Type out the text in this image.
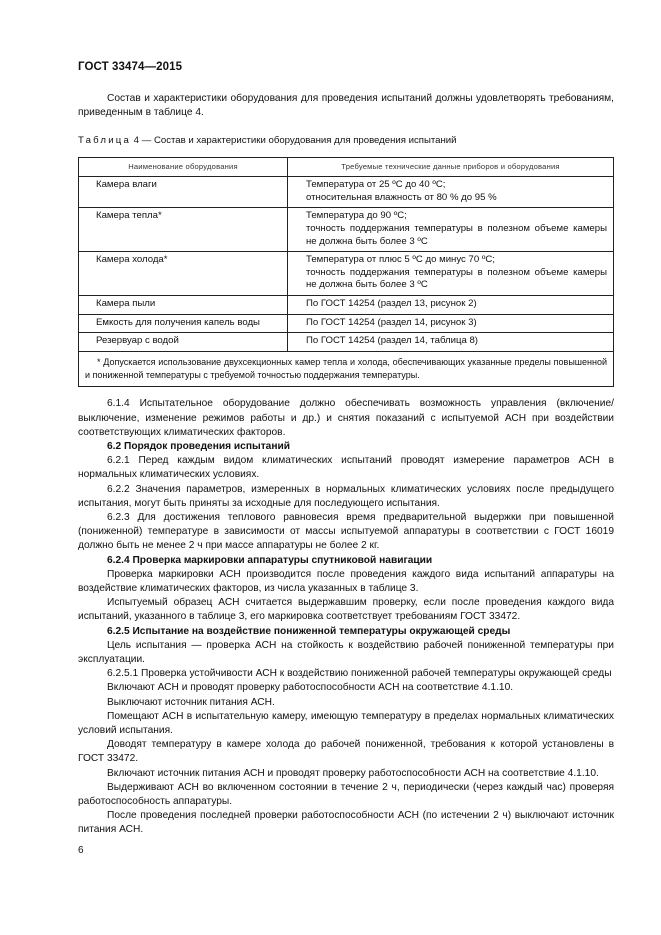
ГОСТ 33474—2015

Состав и характеристики оборудования для проведения испытаний должны удовлетворять требованиям, приведенным в таблице 4.

Таблица 4 — Состав и характеристики оборудования для проведения испытаний
Наименование оборудования	Требуемые технические данные приборов и оборудования
Камера влаги	Температура от 25 ºС до 40 ºС;
относительная влажность от 80 % до 95 %

Камера тепла*	Температура до 90 ºС;
точность поддержания температуры в полезном объеме камеры не должна быть более 3 ºС

Камера холода*	Температура от плюс 5 ºС до минус 70 ºС;
точность поддержания температуры в полезном объеме камеры не должна быть более 3 ºС

Камера пыли	По ГОСТ 14254 (раздел 13, рисунок 2)

Емкость для получения капель воды	По ГОСТ 14254 (раздел 14, рисунок 3)

Резервуар с водой	По ГОСТ 14254 (раздел 14, таблица 8)

* Допускается использование двухсекционных камер тепла и холода, обеспечивающих указанные пределы повышенной и пониженной температуры с требуемой точностью поддержания температуры.	

6.1.4 Испытательное оборудование должно обеспечивать возможность управления (включение/выключение, изменение режимов работы и др.) и снятия показаний с испытуемой АСН при воздействии соответствующих климатических факторов.

6.2 Порядок проведения испытаний

6.2.1 Перед каждым видом климатических испытаний проводят измерение параметров АСН в нормальных климатических условиях.

6.2.2 Значения параметров, измеренных в нормальных климатических условиях после предыдущего испытания, могут быть приняты за исходные для последующего испытания.

6.2.3 Для достижения теплового равновесия время предварительной выдержки при повышенной (пониженной) температуре в зависимости от массы испытуемой аппаратуры в соответствии с ГОСТ 16019 должно быть не менее 2 ч при массе аппаратуры не более 2 кг.

6.2.4 Проверка маркировки аппаратуры спутниковой навигации

Проверка маркировки АСН производится после проведения каждого вида испытаний аппаратуры на воздействие климатических факторов, из числа указанных в таблице 3.

Испытуемый образец АСН считается выдержавшим проверку, если после проведения каждого вида испытаний, указанного в таблице 3, его маркировка соответствует требованиям ГОСТ 33472.

6.2.5 Испытание на воздействие пониженной температуры окружающей среды

Цель испытания — проверка АСН на стойкость к воздействию рабочей пониженной температуры при эксплуатации.

6.2.5.1 Проверка устойчивости АСН к воздействию пониженной рабочей температуры окружающей среды

Включают АСН и проводят проверку работоспособности АСН на соответствие 4.1.10.

Выключают источник питания АСН.

Помещают АСН в испытательную камеру, имеющую температуру в пределах нормальных климатических условий испытания.

Доводят температуру в камере холода до рабочей пониженной, требования к которой установлены в ГОСТ 33472.

Включают источник питания АСН и проводят проверку работоспособности АСН на соответствие 4.1.10.

Выдерживают АСН во включенном состоянии в течение 2 ч, периодически (через каждый час) проверяя работоспособность аппаратуры.

После проведения последней проверки работоспособности АСН (по истечении 2 ч) выключают источник питания АСН.

6
